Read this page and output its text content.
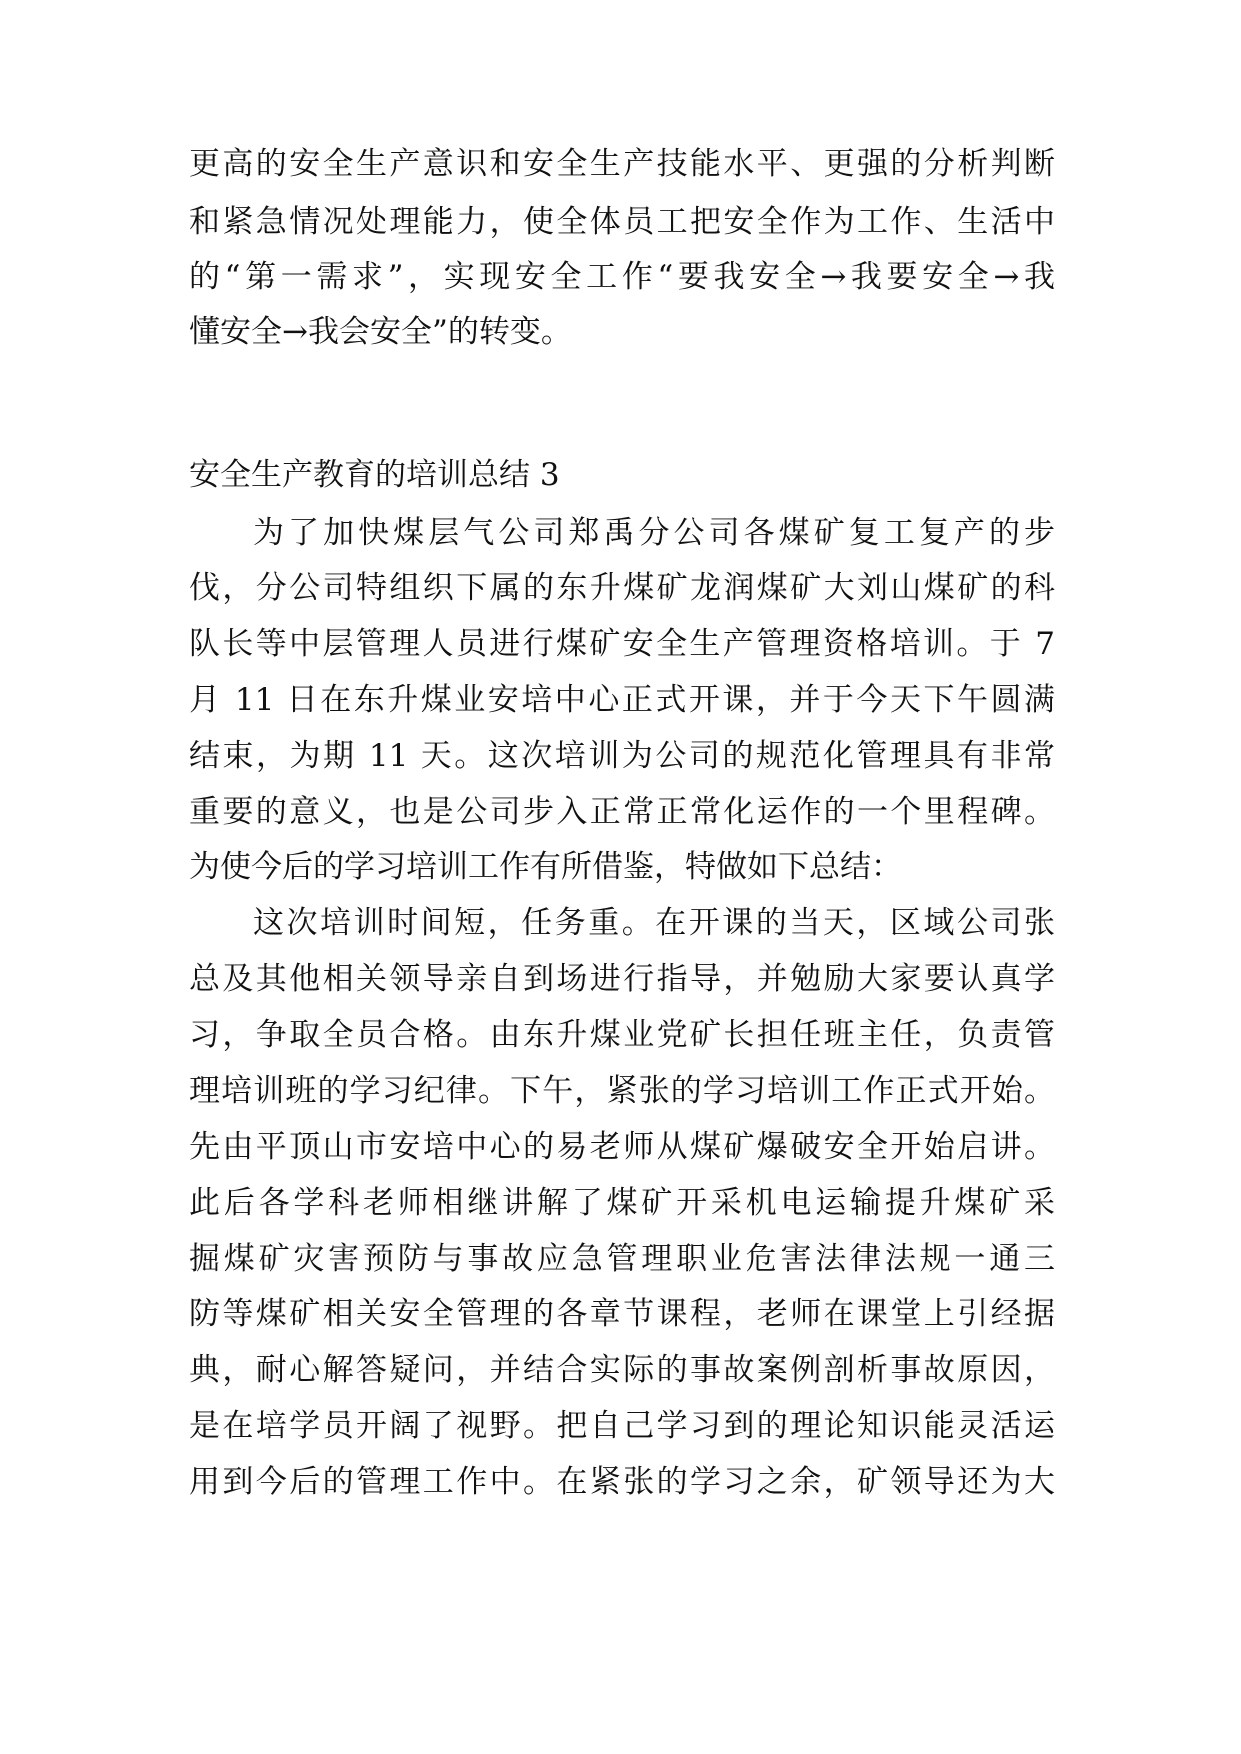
更高的安全生产意识和安全生产技能水平、更强的分析判断
和紧急情况处理能力，使全体员工把安全作为工作、生活中
的“第一需求”，实现安全工作“要我安全→我要安全→我
懂安全→我会安全”的转变。
安全生产教育的培训总结 3
为了加快煤层气公司郑禹分公司各煤矿复工复产的步
伐，分公司特组织下属的东升煤矿龙润煤矿大刘山煤矿的科
队长等中层管理人员进行煤矿安全生产管理资格培训。于 7
月 11 日在东升煤业安培中心正式开课，并于今天下午圆满
结束，为期 11 天。这次培训为公司的规范化管理具有非常
重要的意义，也是公司步入正常正常化运作的一个里程碑。
为使今后的学习培训工作有所借鉴，特做如下总结：
这次培训时间短，任务重。在开课的当天，区域公司张
总及其他相关领导亲自到场进行指导，并勉励大家要认真学
习，争取全员合格。由东升煤业党矿长担任班主任，负责管
理培训班的学习纪律。下午，紧张的学习培训工作正式开始。
先由平顶山市安培中心的易老师从煤矿爆破安全开始启讲。
此后各学科老师相继讲解了煤矿开采机电运输提升煤矿采
掘煤矿灾害预防与事故应急管理职业危害法律法规一通三
防等煤矿相关安全管理的各章节课程，老师在课堂上引经据
典，耐心解答疑问，并结合实际的事故案例剖析事故原因，
是在培学员开阔了视野。把自己学习到的理论知识能灵活运
用到今后的管理工作中。在紧张的学习之余，矿领导还为大
